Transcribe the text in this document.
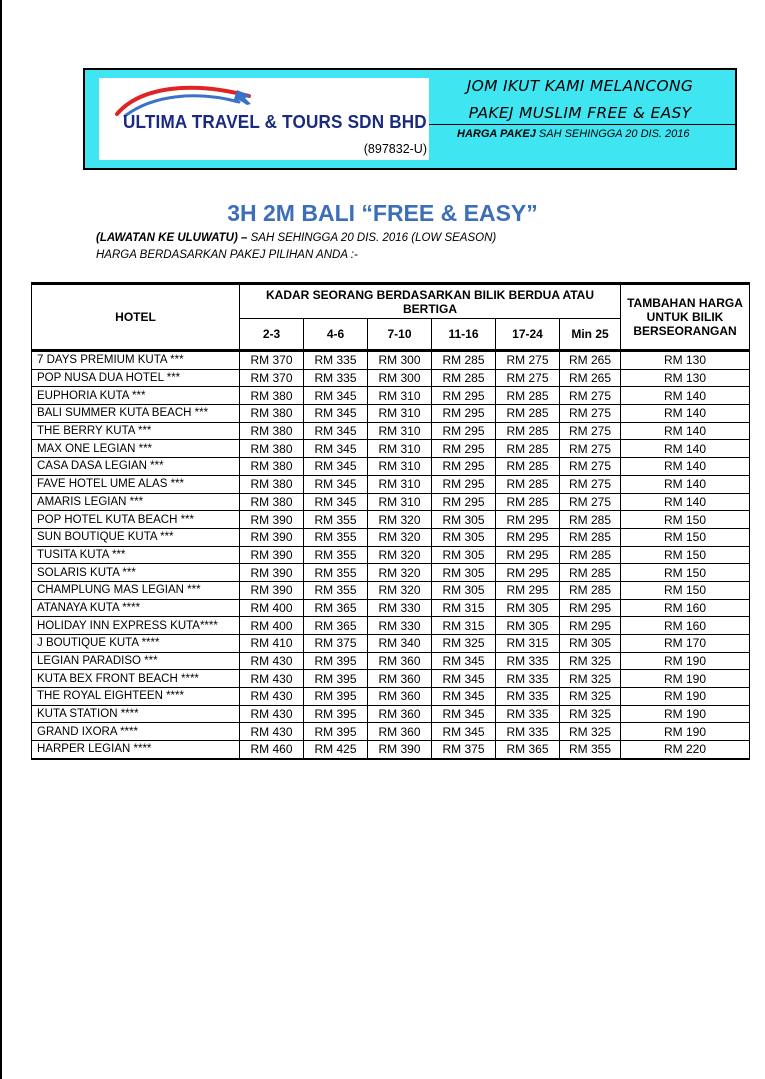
ULTIMA TRAVEL & TOURS SDN BHD
(897832-U)
JOM IKUT KAMI MELANCONG
PAKEJ MUSLIM FREE & EASY
HARGA PAKEJ SAH SEHINGGA 20 DIS. 2016
3H 2M BALI “FREE & EASY”
(LAWATAN KE ULUWATU) – SAH SEHINGGA 20 DIS. 2016 (LOW SEASON)
HARGA BERDASARKAN PAKEJ PILIHAN ANDA :-
HOTEL	KADAR SEORANG BERDASARKAN BILIK BERDUA ATAU BERTIGA						TAMBAHAN HARGA UNTUK BILIK BERSEORANGAN
	2-3	4-6	7-10	11-16	17-24	Min 25	
7 DAYS PREMIUM KUTA ***	RM 370	RM 335	RM 300	RM 285	RM 275	RM 265	RM 130
POP NUSA DUA HOTEL ***	RM 370	RM 335	RM 300	RM 285	RM 275	RM 265	RM 130
EUPHORIA KUTA ***	RM 380	RM 345	RM 310	RM 295	RM 285	RM 275	RM 140
BALI SUMMER KUTA BEACH ***	RM 380	RM 345	RM 310	RM 295	RM 285	RM 275	RM 140
THE BERRY KUTA ***	RM 380	RM 345	RM 310	RM 295	RM 285	RM 275	RM 140
MAX ONE LEGIAN ***	RM 380	RM 345	RM 310	RM 295	RM 285	RM 275	RM 140
CASA DASA LEGIAN ***	RM 380	RM 345	RM 310	RM 295	RM 285	RM 275	RM 140
FAVE HOTEL UME ALAS ***	RM 380	RM 345	RM 310	RM 295	RM 285	RM 275	RM 140
AMARIS LEGIAN ***	RM 380	RM 345	RM 310	RM 295	RM 285	RM 275	RM 140
POP HOTEL KUTA BEACH ***	RM 390	RM 355	RM 320	RM 305	RM 295	RM 285	RM 150
SUN BOUTIQUE KUTA ***	RM 390	RM 355	RM 320	RM 305	RM 295	RM 285	RM 150
TUSITA KUTA ***	RM 390	RM 355	RM 320	RM 305	RM 295	RM 285	RM 150
SOLARIS KUTA ***	RM 390	RM 355	RM 320	RM 305	RM 295	RM 285	RM 150
CHAMPLUNG MAS LEGIAN ***	RM 390	RM 355	RM 320	RM 305	RM 295	RM 285	RM 150
ATANAYA KUTA ****	RM 400	RM 365	RM 330	RM 315	RM 305	RM 295	RM 160
HOLIDAY INN EXPRESS KUTA****	RM 400	RM 365	RM 330	RM 315	RM 305	RM 295	RM 160
J BOUTIQUE KUTA ****	RM 410	RM 375	RM 340	RM 325	RM 315	RM 305	RM 170
LEGIAN PARADISO ***	RM 430	RM 395	RM 360	RM 345	RM 335	RM 325	RM 190
KUTA BEX FRONT BEACH ****	RM 430	RM 395	RM 360	RM 345	RM 335	RM 325	RM 190
THE ROYAL EIGHTEEN ****	RM 430	RM 395	RM 360	RM 345	RM 335	RM 325	RM 190
KUTA STATION ****	RM 430	RM 395	RM 360	RM 345	RM 335	RM 325	RM 190
GRAND IXORA ****	RM 430	RM 395	RM 360	RM 345	RM 335	RM 325	RM 190
HARPER LEGIAN ****	RM 460	RM 425	RM 390	RM 375	RM 365	RM 355	RM 220
